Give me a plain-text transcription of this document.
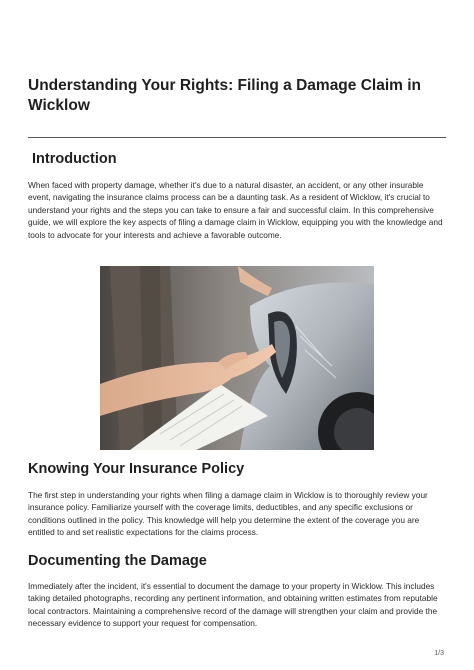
Understanding Your Rights: Filing a Damage Claim in Wicklow
Introduction

When faced with property damage, whether it's due to a natural disaster, an accident, or any other insurable event, navigating the insurance claims process can be a daunting task. As a resident of Wicklow, it's crucial to understand your rights and the steps you can take to ensure a fair and successful claim. In this comprehensive guide, we will explore the key aspects of filing a damage claim in Wicklow, equipping you with the knowledge and tools to advocate for your interests and achieve a favorable outcome.

Knowing Your Insurance Policy

The first step in understanding your rights when filing a damage claim in Wicklow is to thoroughly review your insurance policy. Familiarize yourself with the coverage limits, deductibles, and any specific exclusions or conditions outlined in the policy. This knowledge will help you determine the extent of the coverage you are entitled to and set realistic expectations for the claims process.

Documenting the Damage

Immediately after the incident, it's essential to document the damage to your property in Wicklow. This includes taking detailed photographs, recording any pertinent information, and obtaining written estimates from reputable local contractors. Maintaining a comprehensive record of the damage will strengthen your claim and provide the necessary evidence to support your request for compensation.

1/3
